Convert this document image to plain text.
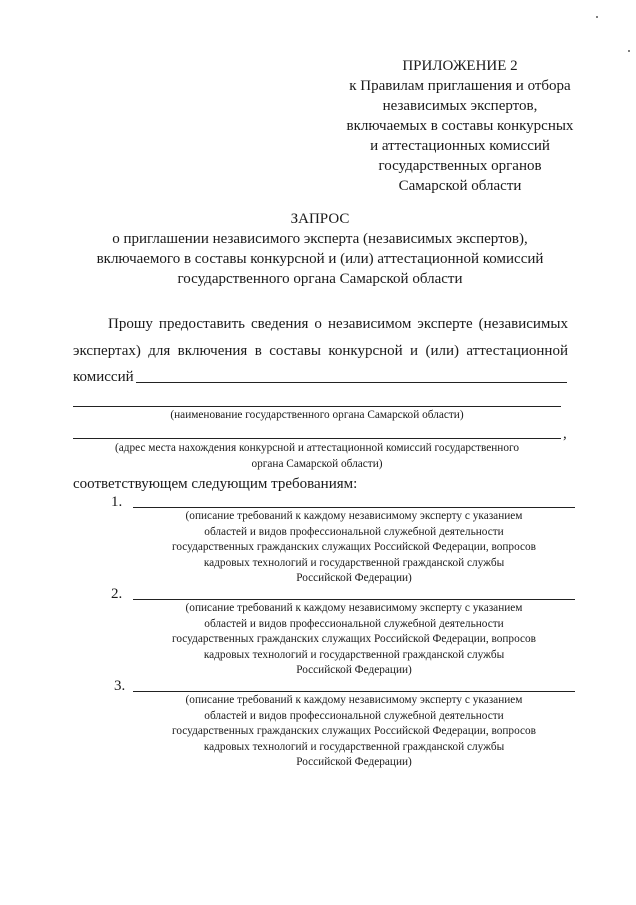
ПРИЛОЖЕНИЕ 2
к Правилам приглашения и отбора
независимых экспертов,
включаемых в составы конкурсных
и аттестационных комиссий
государственных органов
Самарской области
ЗАПРОС
о приглашении независимого эксперта (независимых экспертов),
включаемого в составы конкурсной и (или) аттестационной комиссий
государственного органа Самарской области
Прошу предоставить сведения о независимом эксперте (независимых
экспертах) для включения в составы конкурсной и (или) аттестационной
комиссий
(наименование государственного органа Самарской области)
,
(адрес места нахождения конкурсной и аттестационной комиссий государственного
органа Самарской области)
соответствующем следующим требованиям:
1.
(описание требований к каждому независимому эксперту с указанием
областей и видов профессиональной служебной деятельности
государственных гражданских служащих Российской Федерации, вопросов
кадровых технологий и государственной гражданской службы
Российской Федерации)
2.
(описание требований к каждому независимому эксперту с указанием
областей и видов профессиональной служебной деятельности
государственных гражданских служащих Российской Федерации, вопросов
кадровых технологий и государственной гражданской службы
Российской Федерации)
3.
(описание требований к каждому независимому эксперту с указанием
областей и видов профессиональной служебной деятельности
государственных гражданских служащих Российской Федерации, вопросов
кадровых технологий и государственной гражданской службы
Российской Федерации)
